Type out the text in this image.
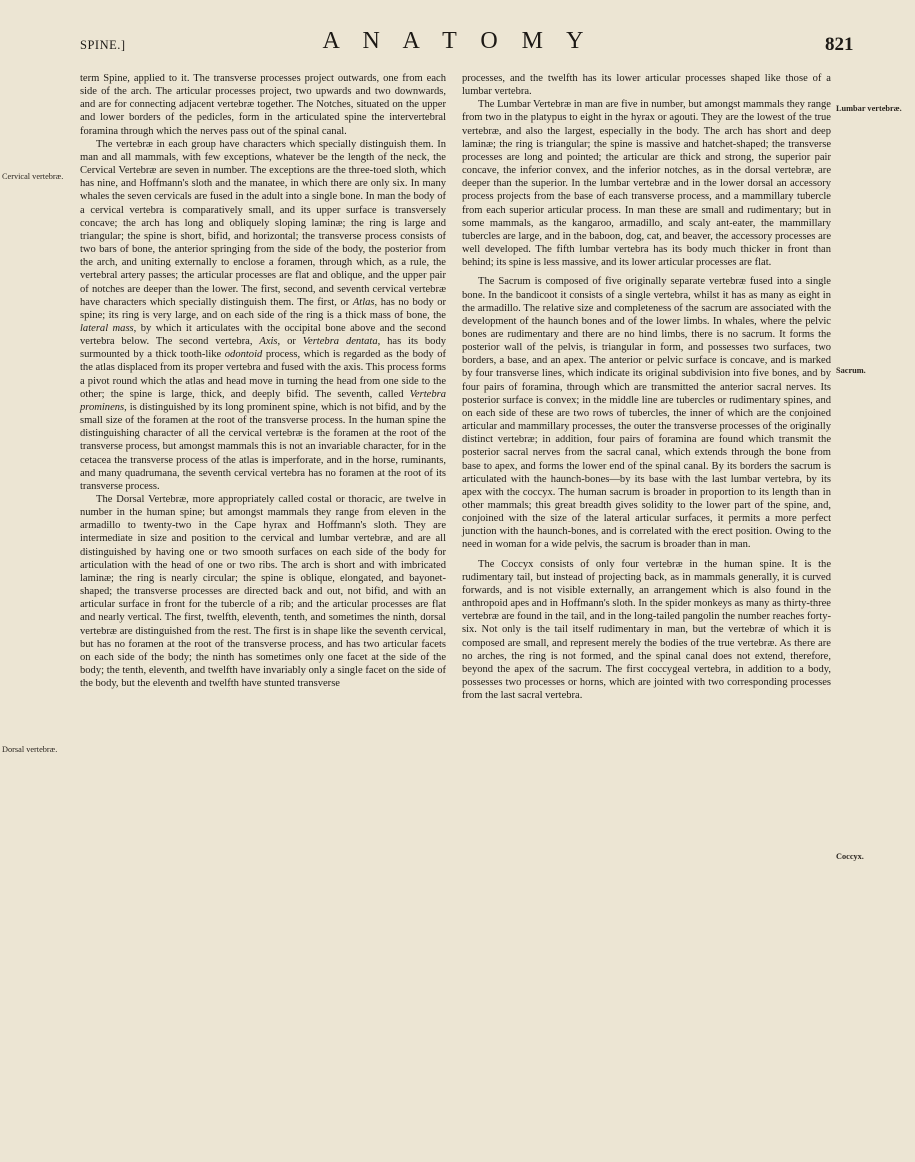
SPINE.]	A N A T O M Y	821
Cervical vertebræ.
Dorsal vertebræ.
Lumbar vertebræ.
Sacrum.
Coccyx.

term Spine, applied to it. The transverse processes project outwards, one from each side of the arch. The articular processes project, two upwards and two downwards, and are for connecting adjacent vertebræ together. The Notches, situated on the upper and lower borders of the pedicles, form in the articulated spine the intervertebral foramina through which the nerves pass out of the spinal canal.

The vertebræ in each group have characters which specially distinguish them. In man and all mammals, with few exceptions, whatever be the length of the neck, the Cervical Vertebræ are seven in number. The exceptions are the three-toed sloth, which has nine, and Hoffmann's sloth and the manatee, in which there are only six. In many whales the seven cervicals are fused in the adult into a single bone. In man the body of a cervical vertebra is comparatively small, and its upper surface is transversely concave; the arch has long and obliquely sloping laminæ; the ring is large and triangular; the spine is short, bifid, and horizontal; the transverse process consists of two bars of bone, the anterior springing from the side of the body, the posterior from the arch, and uniting externally to enclose a foramen, through which, as a rule, the vertebral artery passes; the articular processes are flat and oblique, and the upper pair of notches are deeper than the lower. The first, second, and seventh cervical vertebræ have characters which specially distinguish them. The first, or Atlas, has no body or spine; its ring is very large, and on each side of the ring is a thick mass of bone, the lateral mass, by which it articulates with the occipital bone above and the second vertebra below. The second vertebra, Axis, or Vertebra dentata, has its body surmounted by a thick tooth-like odontoid process, which is regarded as the body of the atlas displaced from its proper vertebra and fused with the axis. This process forms a pivot round which the atlas and head move in turning the head from one side to the other; the spine is large, thick, and deeply bifid. The seventh, called Vertebra prominens, is distinguished by its long prominent spine, which is not bifid, and by the small size of the foramen at the root of the transverse process. In the human spine the distinguishing character of all the cervical vertebræ is the foramen at the root of the transverse process, but amongst mammals this is not an invariable character, for in the cetacea the transverse process of the atlas is imperforate, and in the horse, ruminants, and many quadrumana, the seventh cervical vertebra has no foramen at the root of its transverse process.

The Dorsal Vertebræ, more appropriately called costal or thoracic, are twelve in number in the human spine; but amongst mammals they range from eleven in the armadillo to twenty-two in the Cape hyrax and Hoffmann's sloth. They are intermediate in size and position to the cervical and lumbar vertebræ, and are all distinguished by having one or two smooth surfaces on each side of the body for articulation with the head of one or two ribs. The arch is short and with imbricated laminæ; the ring is nearly circular; the spine is oblique, elongated, and bayonet-shaped; the transverse processes are directed back and out, not bifid, and with an articular surface in front for the tubercle of a rib; and the articular processes are flat and nearly vertical. The first, twelfth, eleventh, tenth, and sometimes the ninth, dorsal vertebræ are distinguished from the rest. The first is in shape like the seventh cervical, but has no foramen at the root of the transverse process, and has two articular facets on each side of the body; the ninth has sometimes only one facet at the side of the body; the tenth, eleventh, and twelfth have invariably only a single facet on the side of the body, but the eleventh and twelfth have stunted transverse

processes, and the twelfth has its lower articular processes shaped like those of a lumbar vertebra.

The Lumbar Vertebræ in man are five in number, but amongst mammals they range from two in the platypus to eight in the hyrax or agouti. They are the lowest of the true vertebræ, and also the largest, especially in the body. The arch has short and deep laminæ; the ring is triangular; the spine is massive and hatchet-shaped; the transverse processes are long and pointed; the articular are thick and strong, the superior pair concave, the inferior convex, and the inferior notches, as in the dorsal vertebræ, are deeper than the superior. In the lumbar vertebræ and in the lower dorsal an accessory process projects from the base of each transverse process, and a mammillary tubercle from each superior articular process. In man these are small and rudimentary; but in some mammals, as the kangaroo, armadillo, and scaly ant-eater, the mammillary tubercles are large, and in the baboon, dog, cat, and beaver, the accessory processes are well developed. The fifth lumbar vertebra has its body much thicker in front than behind; its spine is less massive, and its lower articular processes are flat.

The Sacrum is composed of five originally separate vertebræ fused into a single bone. In the bandicoot it consists of a single vertebra, whilst it has as many as eight in the armadillo. The relative size and completeness of the sacrum are associated with the development of the haunch bones and of the lower limbs. In whales, where the pelvic bones are rudimentary and there are no hind limbs, there is no sacrum. It forms the posterior wall of the pelvis, is triangular in form, and possesses two surfaces, two borders, a base, and an apex. The anterior or pelvic surface is concave, and is marked by four transverse lines, which indicate its original subdivision into five bones, and by four pairs of foramina, through which are transmitted the anterior sacral nerves. Its posterior surface is convex; in the middle line are tubercles or rudimentary spines, and on each side of these are two rows of tubercles, the inner of which are the conjoined articular and mammillary processes, the outer the transverse processes of the originally distinct vertebræ; in addition, four pairs of foramina are found which transmit the posterior sacral nerves from the sacral canal, which extends through the bone from base to apex, and forms the lower end of the spinal canal. By its borders the sacrum is articulated with the haunch-bones—by its base with the last lumbar vertebra, by its apex with the coccyx. The human sacrum is broader in proportion to its length than in other mammals; this great breadth gives solidity to the lower part of the spine, and, conjoined with the size of the lateral articular surfaces, it permits a more perfect junction with the haunch-bones, and is correlated with the erect position. Owing to the need in woman for a wide pelvis, the sacrum is broader than in man.

The Coccyx consists of only four vertebræ in the human spine. It is the rudimentary tail, but instead of projecting back, as in mammals generally, it is curved forwards, and is not visible externally, an arrangement which is also found in the anthropoid apes and in Hoffmann's sloth. In the spider monkeys as many as thirty-three vertebræ are found in the tail, and in the long-tailed pangolin the number reaches forty-six. Not only is the tail itself rudimentary in man, but the vertebræ of which it is composed are small, and represent merely the bodies of the true vertebræ. As there are no arches, the ring is not formed, and the spinal canal does not extend, therefore, beyond the apex of the sacrum. The first coccygeal vertebra, in addition to a body, possesses two processes or horns, which are jointed with two corresponding processes from the last sacral vertebra.
